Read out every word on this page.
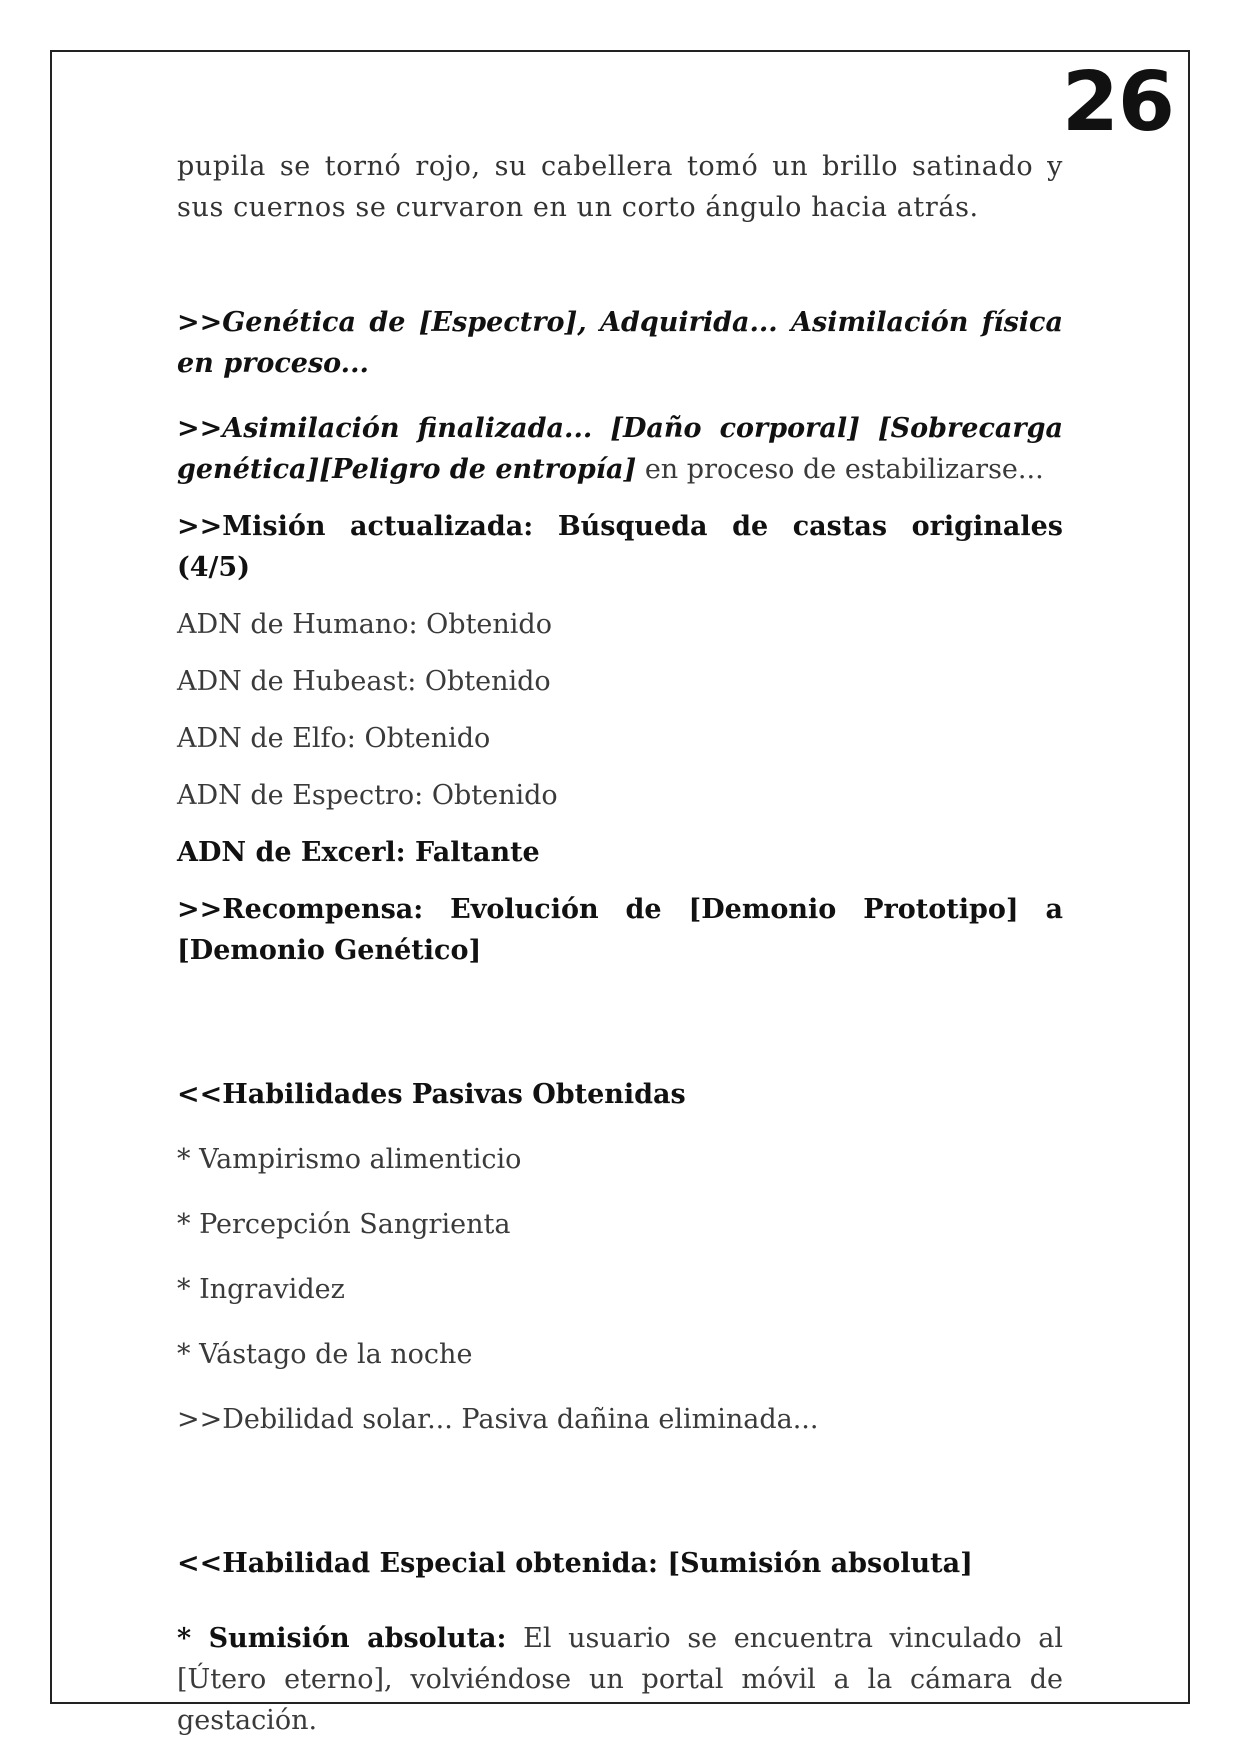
26

pupila se tornó rojo, su cabellera tomó un brillo satinado y sus cuernos se curvaron en un corto ángulo hacia atrás.

>>Genética de [Espectro], Adquirida... Asimilación física en proceso...

>>Asimilación finalizada... [Daño corporal] [Sobrecarga genética][Peligro de entropía] en proceso de estabilizarse...

>>Misión actualizada: Búsqueda de castas originales (4/5)

ADN de Humano: Obtenido

ADN de Hubeast: Obtenido

ADN de Elfo: Obtenido

ADN de Espectro: Obtenido

ADN de Excerl: Faltante

>>Recompensa: Evolución de [Demonio Prototipo] a [Demonio Genético]

<<Habilidades Pasivas Obtenidas

* Vampirismo alimenticio

* Percepción Sangrienta

* Ingravidez

* Vástago de la noche

>>Debilidad solar... Pasiva dañina eliminada...

<<Habilidad Especial obtenida: [Sumisión absoluta]

* Sumisión absoluta: El usuario se encuentra vinculado al [Útero eterno], volviéndose un portal móvil a la cámara de gestación.
